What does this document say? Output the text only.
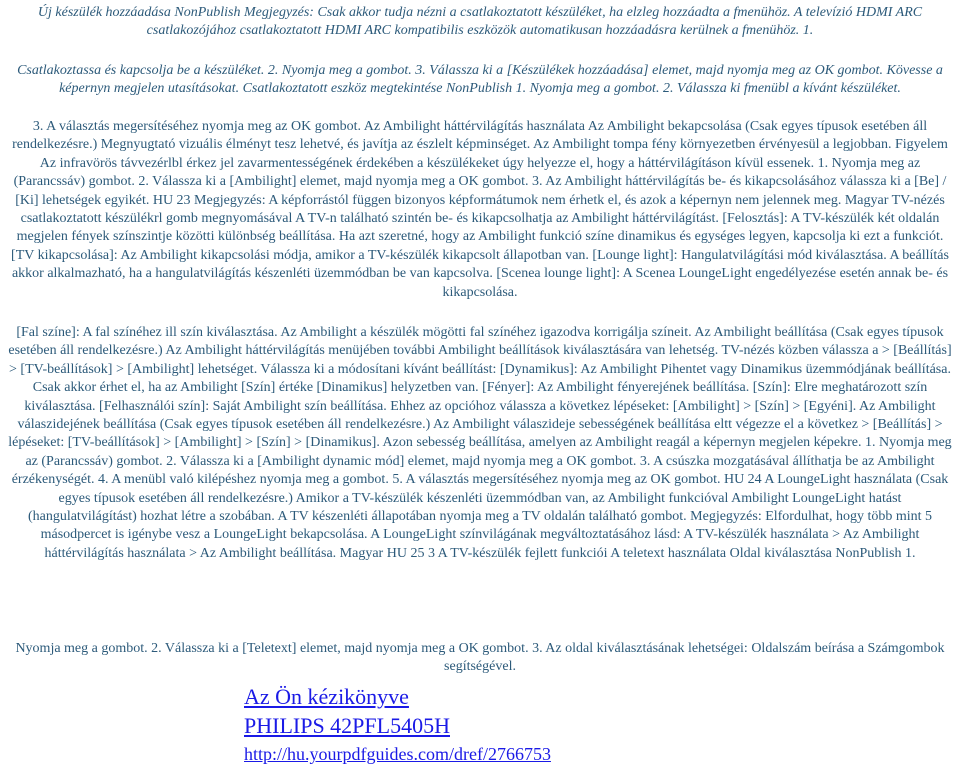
Új készülék hozzáadása NonPublish Megjegyzés: Csak akkor tudja nézni a csatlakoztatott készüléket, ha elzleg hozzáadta a fmenühöz. A televízió HDMI ARC csatlakozójához csatlakoztatott HDMI ARC kompatibilis eszközök automatikusan hozzáadásra kerülnek a fmenühöz. 1.

Csatlakoztassa és kapcsolja be a készüléket. 2. Nyomja meg a gombot. 3. Válassza ki a [Készülékek hozzáadása] elemet, majd nyomja meg az OK gombot. Kövesse a képernyn megjelen utasításokat. Csatlakoztatott eszköz megtekintése NonPublish 1. Nyomja meg a gombot. 2. Válassza ki fmenübl a kívánt készüléket.

3. A választás megersítéséhez nyomja meg az OK gombot. Az Ambilight háttérvilágítás használata Az Ambilight bekapcsolása (Csak egyes típusok esetében áll rendelkezésre.) Megnyugtató vizuális élményt tesz lehetvé, és javítja az észlelt képminséget. Az Ambilight tompa fény környezetben érvényesül a legjobban. Figyelem Az infravörös távvezérlbl érkez jel zavarmentességének érdekében a készülékeket úgy helyezze el, hogy a háttérvilágításon kívül essenek. 1. Nyomja meg az (Parancssáv) gombot. 2. Válassza ki a [Ambilight] elemet, majd nyomja meg a OK gombot. 3. Az Ambilight háttérvilágítás be- és kikapcsolásához válassza ki a [Be] / [Ki] lehetségek egyikét. HU 23 Megjegyzés: A képforrástól függen bizonyos képformátumok nem érhetk el, és azok a képernyn nem jelennek meg. Magyar TV-nézés csatlakoztatott készülékrl gomb megnyomásával A TV-n található szintén be- és kikapcsolhatja az Ambilight háttérvilágítást. [Felosztás]: A TV-készülék két oldalán megjelen fények színszintje közötti különbség beállítása. Ha azt szeretné, hogy az Ambilight funkció színe dinamikus és egységes legyen, kapcsolja ki ezt a funkciót. [TV kikapcsolása]: Az Ambilight kikapcsolási módja, amikor a TV-készülék kikapcsolt állapotban van. [Lounge light]: Hangulatvilágítási mód kiválasztása. A beállítás akkor alkalmazható, ha a hangulatvilágítás készenléti üzemmódban be van kapcsolva. [Scenea lounge light]: A Scenea LoungeLight engedélyezése esetén annak be- és kikapcsolása.

[Fal színe]: A fal színéhez ill szín kiválasztása. Az Ambilight a készülék mögötti fal színéhez igazodva korrigálja színeit. Az Ambilight beállítása (Csak egyes típusok esetében áll rendelkezésre.) Az Ambilight háttérvilágítás menüjében további Ambilight beállítások kiválasztására van lehetség. TV-nézés közben válassza a > [Beállítás] > [TV-beállítások] > [Ambilight] lehetséget. Válassza ki a módosítani kívánt beállítást: [Dynamikus]: Az Ambilight Pihentet vagy Dinamikus üzemmódjának beállítása. Csak akkor érhet el, ha az Ambilight [Szín] értéke [Dinamikus] helyzetben van. [Fényer]: Az Ambilight fényerejének beállítása. [Szín]: Elre meghatározott szín kiválasztása. [Felhasználói szín]: Saját Ambilight szín beállítása. Ehhez az opcióhoz válassza a következ lépéseket: [Ambilight] > [Szín] > [Egyéni]. Az Ambilight válaszidejének beállítása (Csak egyes típusok esetében áll rendelkezésre.) Az Ambilight válaszideje sebességének beállítása eltt végezze el a következ > [Beállítás] > lépéseket: [TV-beállítások] > [Ambilight] > [Szín] > [Dinamikus]. Azon sebesség beállítása, amelyen az Ambilight reagál a képernyn megjelen képekre. 1. Nyomja meg az (Parancssáv) gombot. 2. Válassza ki a [Ambilight dynamic mód] elemet, majd nyomja meg a OK gombot. 3. A csúszka mozgatásával állíthatja be az Ambilight érzékenységét. 4. A menübl való kilépéshez nyomja meg a gombot. 5. A választás megersítéséhez nyomja meg az OK gombot. HU 24 A LoungeLight használata (Csak egyes típusok esetében áll rendelkezésre.) Amikor a TV-készülék készenléti üzemmódban van, az Ambilight funkcióval Ambilight LoungeLight hatást (hangulatvilágítást) hozhat létre a szobában. A TV készenléti állapotában nyomja meg a TV oldalán található gombot. Megjegyzés: Elfordulhat, hogy több mint 5 másodpercet is igénybe vesz a LoungeLight bekapcsolása. A LoungeLight színvilágának megváltoztatásához lásd: A TV-készülék használata > Az Ambilight háttérvilágítás használata > Az Ambilight beállítása. Magyar HU 25 3 A TV-készülék fejlett funkciói A teletext használata Oldal kiválasztása NonPublish 1.

Nyomja meg a gombot. 2. Válassza ki a [Teletext] elemet, majd nyomja meg a OK gombot. 3. Az oldal kiválasztásának lehetségei: Oldalszám beírása a Számgombok segítségével.

Az Ön kézikönyve
PHILIPS 42PFL5405H
http://hu.yourpdfguides.com/dref/2766753
